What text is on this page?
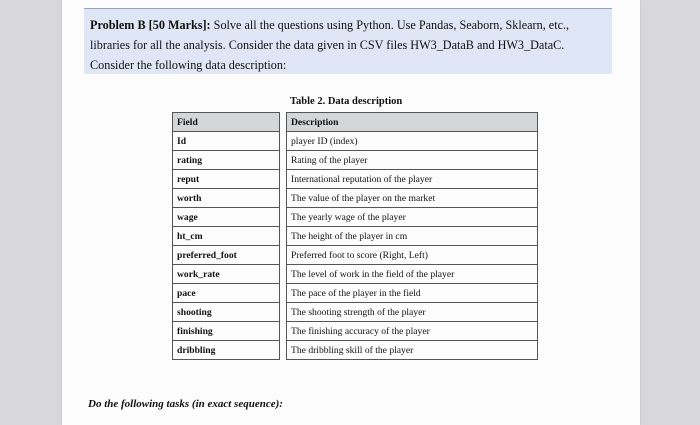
Problem B [50 Marks]: Solve all the questions using Python. Use Pandas, Seaborn, Sklearn, etc.,
libraries for all the analysis. Consider the data given in CSV files HW3_DataB and HW3_DataC.
Consider the following data description:
Table 2. Data description
Field		Description
Id		player ID (index)
rating		Rating of the player
reput		International reputation of the player
worth		The value of the player on the market
wage		The yearly wage of the player
ht_cm		The height of the player in cm
preferred_foot		Preferred foot to score (Right, Left)
work_rate		The level of work in the field of the player
pace		The pace of the player in the field
shooting		The shooting strength of the player
finishing		The finishing accuracy of the player
dribbling		The dribbling skill of the player
Do the following tasks (in exact sequence):
